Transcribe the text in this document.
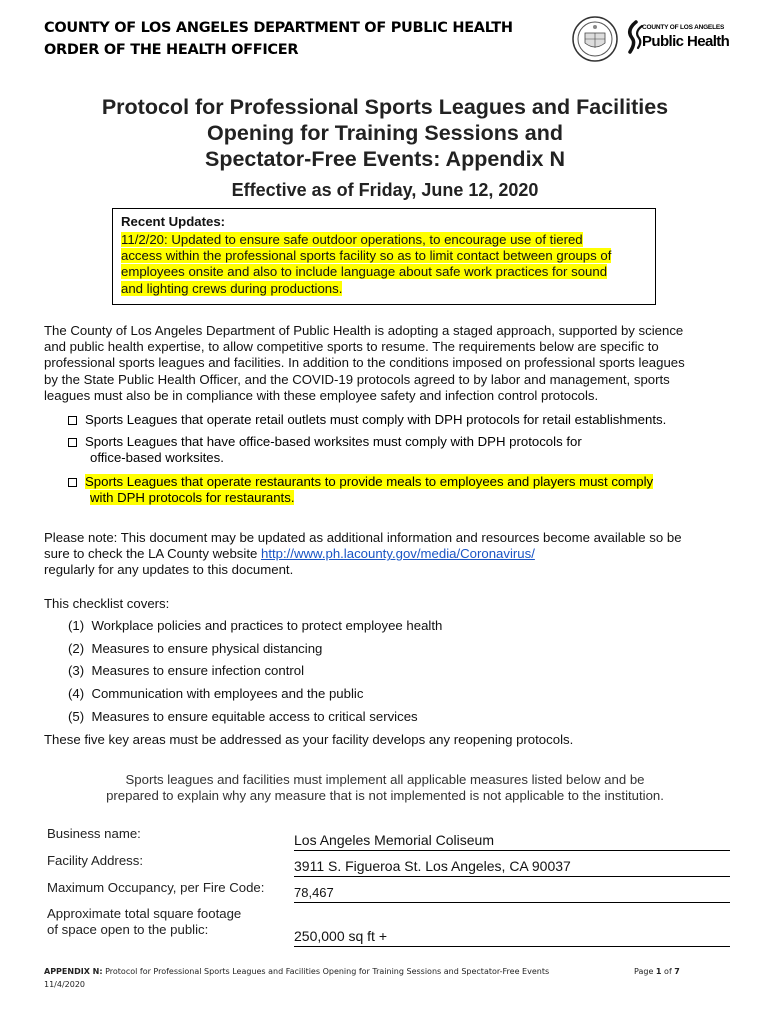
COUNTY OF LOS ANGELES DEPARTMENT OF PUBLIC HEALTH
ORDER OF THE HEALTH OFFICER
COUNTY OF LOS ANGELES
Public Health
Protocol for Professional Sports Leagues and Facilities
Opening for Training Sessions and
Spectator-Free Events: Appendix N
Effective as of Friday, June 12, 2020
Recent Updates:
11/2/20: Updated to ensure safe outdoor operations, to encourage use of tiered
access within the professional sports facility so as to limit contact between groups of
employees onsite and also to include language about safe work practices for sound
and lighting crews during productions.
The County of Los Angeles Department of Public Health is adopting a staged approach, supported by science
and public health expertise, to allow competitive sports to resume. The requirements below are specific to
professional sports leagues and facilities. In addition to the conditions imposed on professional sports leagues
by the State Public Health Officer, and the COVID-19 protocols agreed to by labor and management, sports
leagues must also be in compliance with these employee safety and infection control protocols.
Sports Leagues that operate retail outlets must comply with DPH protocols for retail establishments.
Sports Leagues that have office-based worksites must comply with DPH protocols for
office-based worksites.
Sports Leagues that operate restaurants to provide meals to employees and players must comply
with DPH protocols for restaurants.
Please note: This document may be updated as additional information and resources become available so be
sure to check the LA County website http://www.ph.lacounty.gov/media/Coronavirus/
regularly for any updates to this document.
This checklist covers:
(1) Workplace policies and practices to protect employee health
(2) Measures to ensure physical distancing
(3) Measures to ensure infection control
(4) Communication with employees and the public
(5) Measures to ensure equitable access to critical services
These five key areas must be addressed as your facility develops any reopening protocols.
Sports leagues and facilities must implement all applicable measures listed below and be
prepared to explain why any measure that is not implemented is not applicable to the institution.
Business name:	Los Angeles Memorial Coliseum
Facility Address:	3911 S. Figueroa St. Los Angeles, CA 90037
Maximum Occupancy, per Fire Code: 78,467
Approximate total square footage
of space open to the public:	250,000 sq ft +
APPENDIX N: Protocol for Professional Sports Leagues and Facilities Opening for Training Sessions and Spectator-Free Events
11/4/2020
Page 1 of 7
